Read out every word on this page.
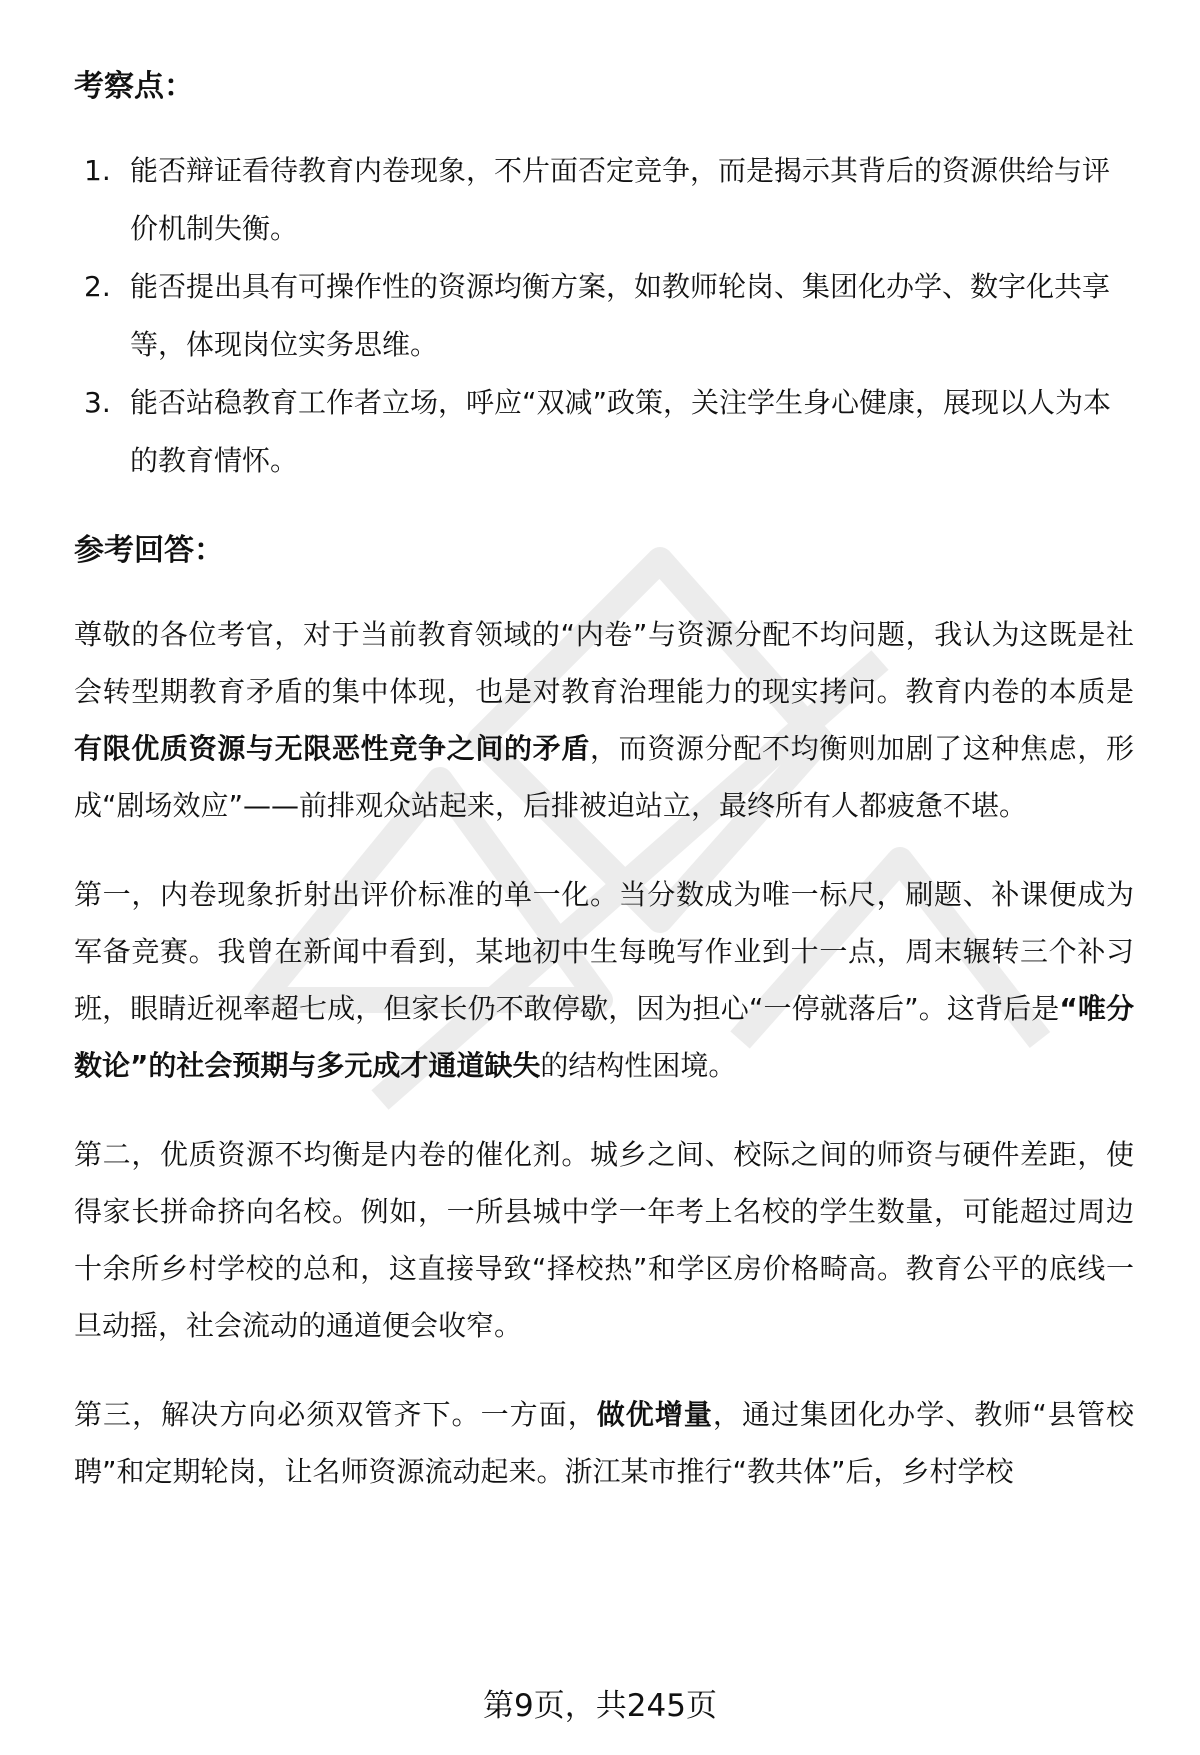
考察点：
1. 能否辩证看待教育内卷现象，不片面否定竞争，而是揭示其背后的资源供给与评价机制失衡。
2. 能否提出具有可操作性的资源均衡方案，如教师轮岗、集团化办学、数字化共享等，体现岗位实务思维。
3. 能否站稳教育工作者立场，呼应“双减”政策，关注学生身心健康，展现以人为本的教育情怀。
参考回答：

尊敬的各位考官，对于当前教育领域的“内卷”与资源分配不均问题，我认为这既是社会转型期教育矛盾的集中体现，也是对教育治理能力的现实拷问。教育内卷的本质是有限优质资源与无限恶性竞争之间的矛盾，而资源分配不均衡则加剧了这种焦虑，形成“剧场效应”——前排观众站起来，后排被迫站立，最终所有人都疲惫不堪。

第一，内卷现象折射出评价标准的单一化。当分数成为唯一标尺，刷题、补课便成为军备竞赛。我曾在新闻中看到，某地初中生每晚写作业到十一点，周末辗转三个补习班，眼睛近视率超七成，但家长仍不敢停歇，因为担心“一停就落后”。这背后是“唯分数论”的社会预期与多元成才通道缺失的结构性困境。

第二，优质资源不均衡是内卷的催化剂。城乡之间、校际之间的师资与硬件差距，使得家长拼命挤向名校。例如，一所县城中学一年考上名校的学生数量，可能超过周边十余所乡村学校的总和，这直接导致“择校热”和学区房价格畸高。教育公平的底线一旦动摇，社会流动的通道便会收窄。

第三，解决方向必须双管齐下。一方面，做优增量，通过集团化办学、教师“县管校聘”和定期轮岗，让名师资源流动起来。浙江某市推行“教共体”后，乡村学校

第9页，共245页
